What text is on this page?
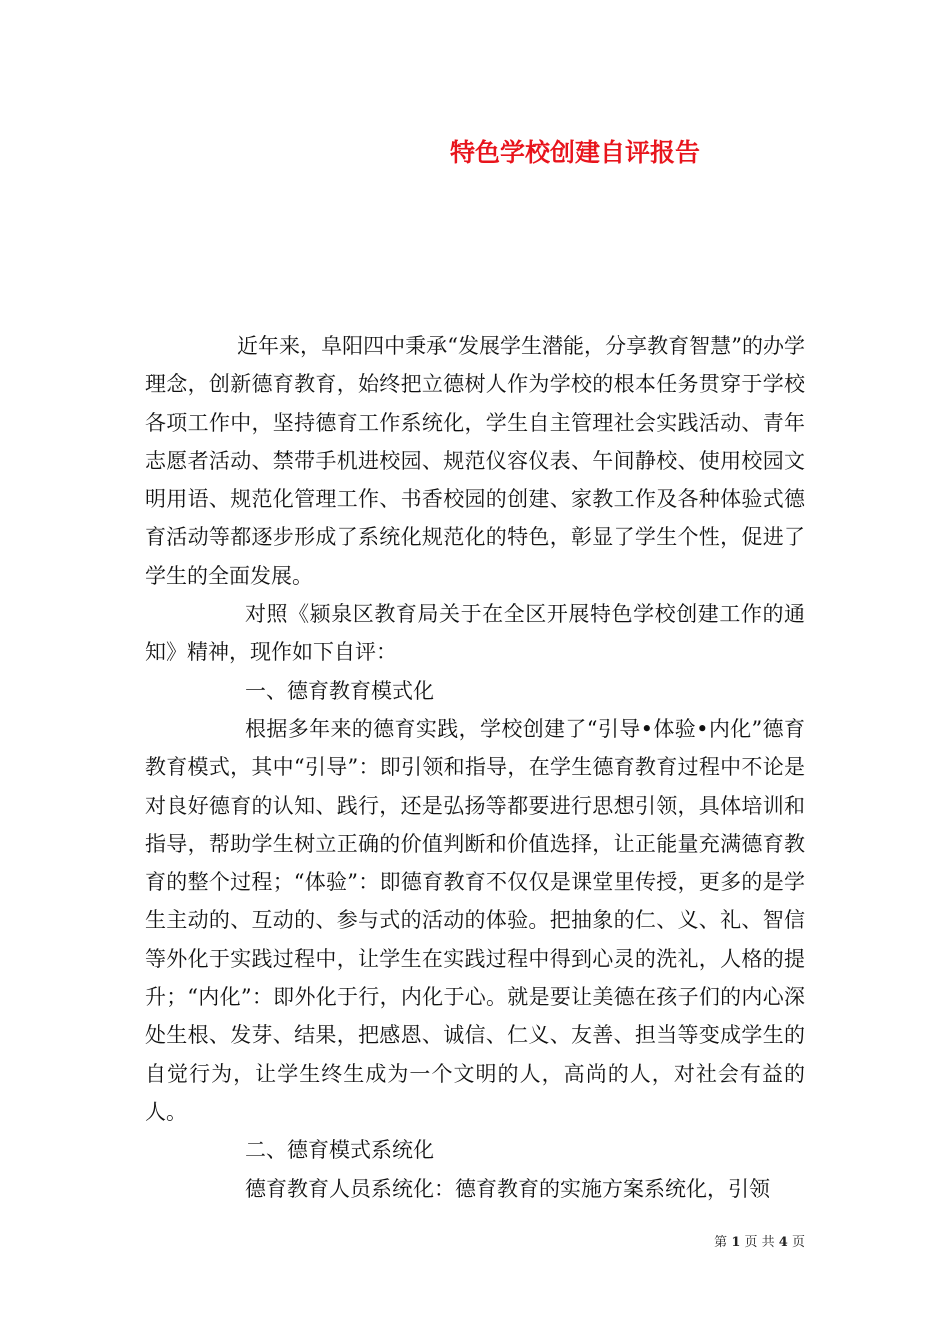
特色学校创建自评报告

近年来，阜阳四中秉承“发展学生潜能，分享教育智慧”的办学理念，创新德育教育，始终把立德树人作为学校的根本任务贯穿于学校各项工作中，坚持德育工作系统化，学生自主管理社会实践活动、青年志愿者活动、禁带手机进校园、规范仪容仪表、午间静校、使用校园文明用语、规范化管理工作、书香校园的创建、家教工作及各种体验式德育活动等都逐步形成了系统化规范化的特色，彰显了学生个性，促进了学生的全面发展。

对照《颍泉区教育局关于在全区开展特色学校创建工作的通知》精神，现作如下自评：

一、德育教育模式化

根据多年来的德育实践，学校创建了“引导•体验•内化”德育教育模式，其中“引导”：即引领和指导，在学生德育教育过程中不论是对良好德育的认知、践行，还是弘扬等都要进行思想引领，具体培训和指导，帮助学生树立正确的价值判断和价值选择，让正能量充满德育教育的整个过程；“体验”：即德育教育不仅仅是课堂里传授，更多的是学生主动的、互动的、参与式的活动的体验。把抽象的仁、义、礼、智信等外化于实践过程中，让学生在实践过程中得到心灵的洗礼，人格的提升；“内化”：即外化于行，内化于心。就是要让美德在孩子们的内心深处生根、发芽、结果，把感恩、诚信、仁义、友善、担当等变成学生的自觉行为，让学生终生成为一个文明的人，高尚的人，对社会有益的人。

二、德育模式系统化

德育教育人员系统化：德育教育的实施方案系统化，引领

第 1 页 共 4 页
